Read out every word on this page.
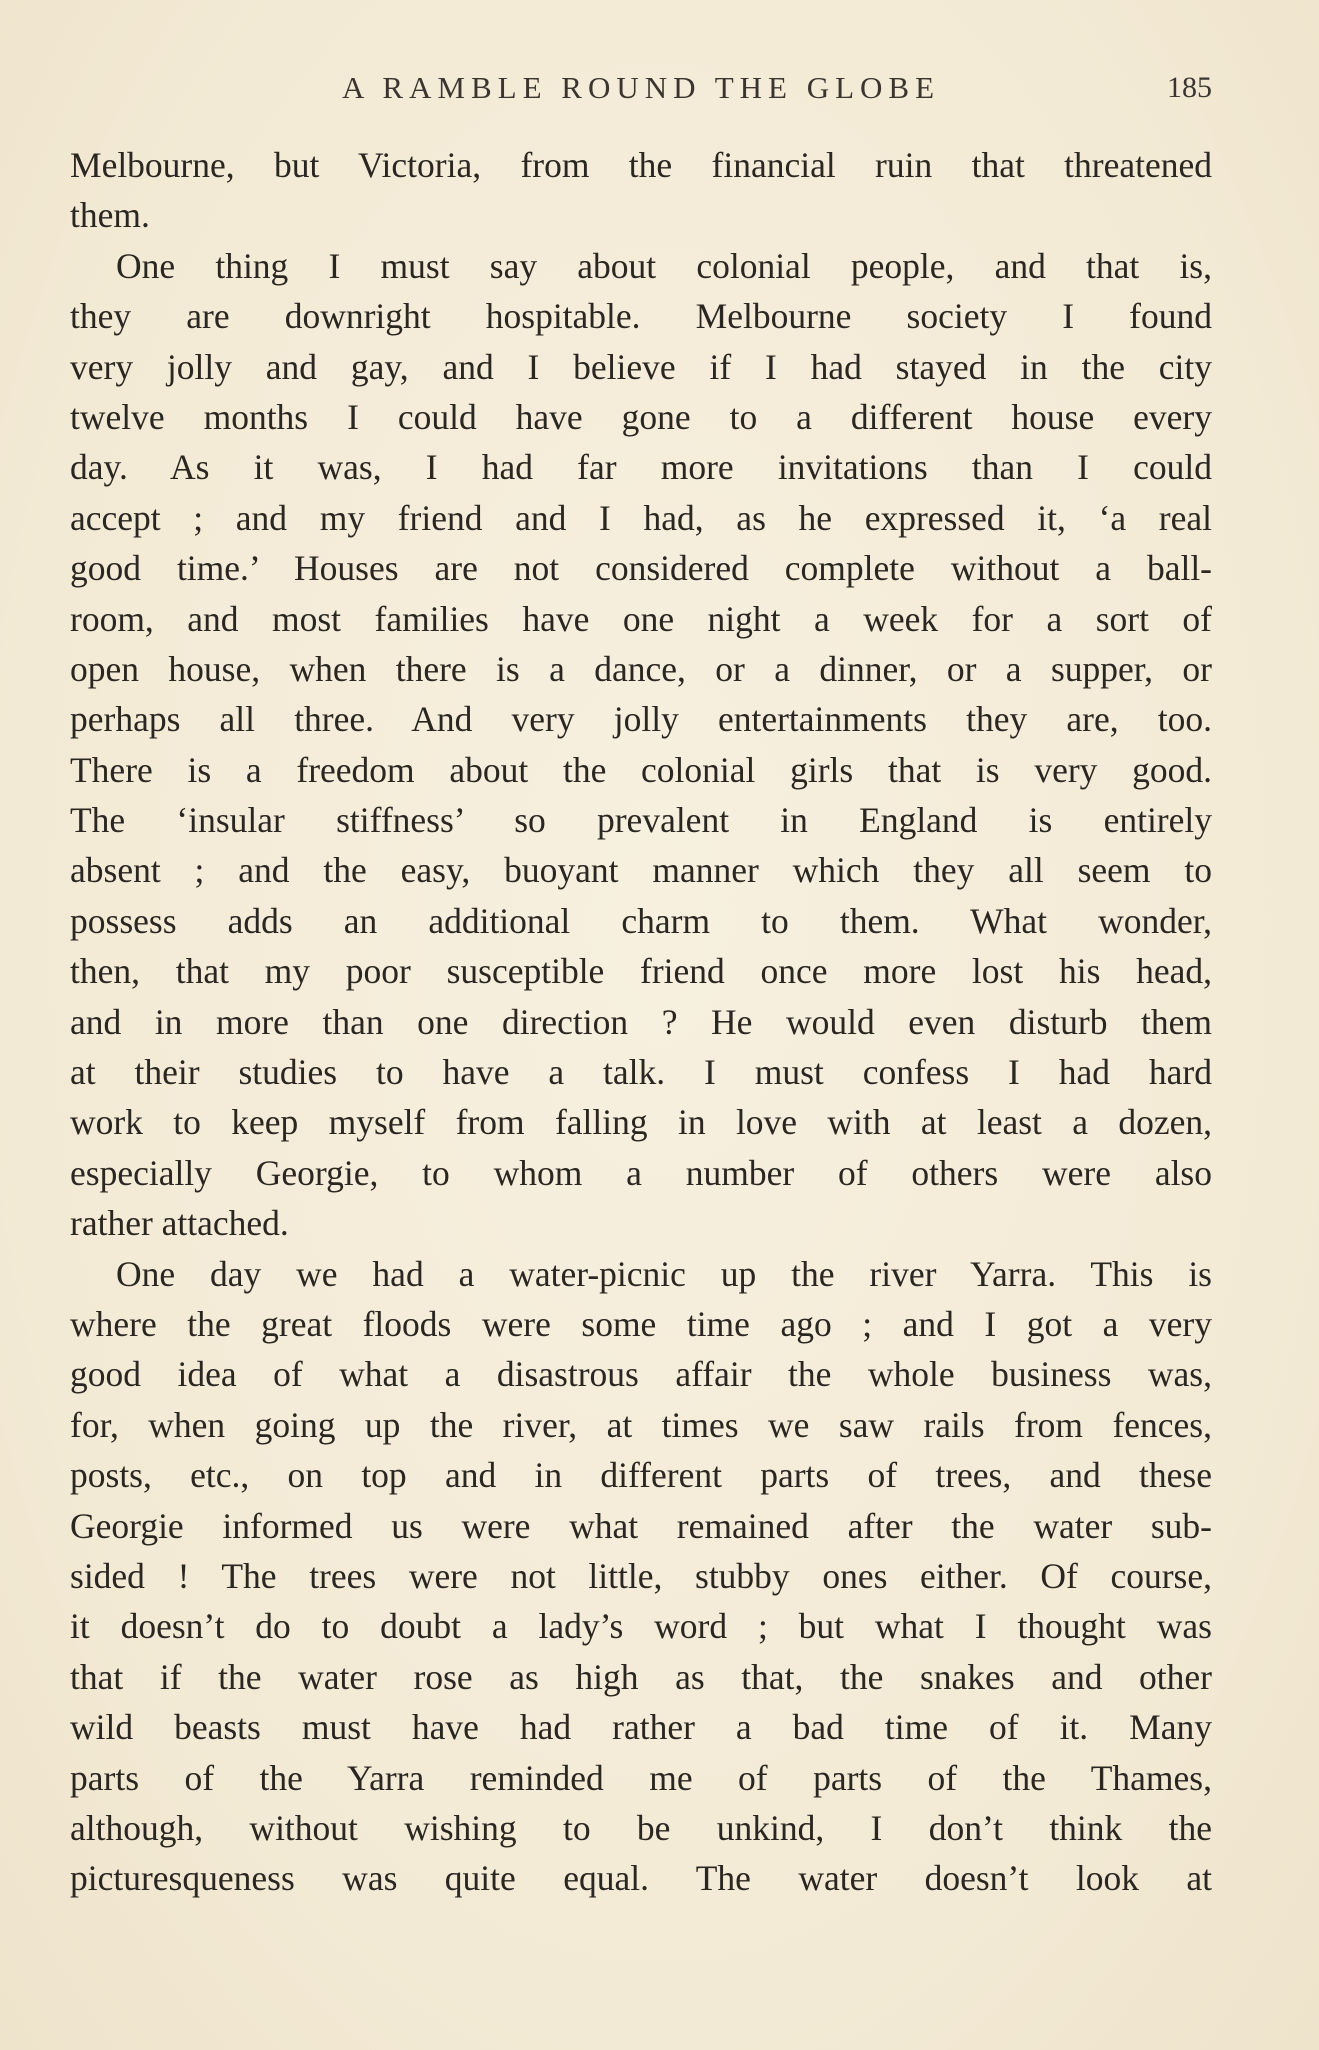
A RAMBLE ROUND THE GLOBE	185
Melbourne, but Victoria, from the financial ruin that threatened
them.
One thing I must say about colonial people, and that is,
they are downright hospitable. Melbourne society I found
very jolly and gay, and I believe if I had stayed in the city
twelve months I could have gone to a different house every
day. As it was, I had far more invitations than I could
accept ; and my friend and I had, as he expressed it, ‘a real
good time.’ Houses are not considered complete without a ball-
room, and most families have one night a week for a sort of
open house, when there is a dance, or a dinner, or a supper, or
perhaps all three. And very jolly entertainments they are, too.
There is a freedom about the colonial girls that is very good.
The ‘insular stiffness’ so prevalent in England is entirely
absent ; and the easy, buoyant manner which they all seem to
possess adds an additional charm to them. What wonder,
then, that my poor susceptible friend once more lost his head,
and in more than one direction ? He would even disturb them
at their studies to have a talk. I must confess I had hard
work to keep myself from falling in love with at least a dozen,
especially Georgie, to whom a number of others were also
rather attached.
One day we had a water-picnic up the river Yarra. This is
where the great floods were some time ago ; and I got a very
good idea of what a disastrous affair the whole business was,
for, when going up the river, at times we saw rails from fences,
posts, etc., on top and in different parts of trees, and these
Georgie informed us were what remained after the water sub-
sided ! The trees were not little, stubby ones either. Of course,
it doesn’t do to doubt a lady’s word ; but what I thought was
that if the water rose as high as that, the snakes and other
wild beasts must have had rather a bad time of it. Many
parts of the Yarra reminded me of parts of the Thames,
although, without wishing to be unkind, I don’t think the
picturesqueness was quite equal. The water doesn’t look at
